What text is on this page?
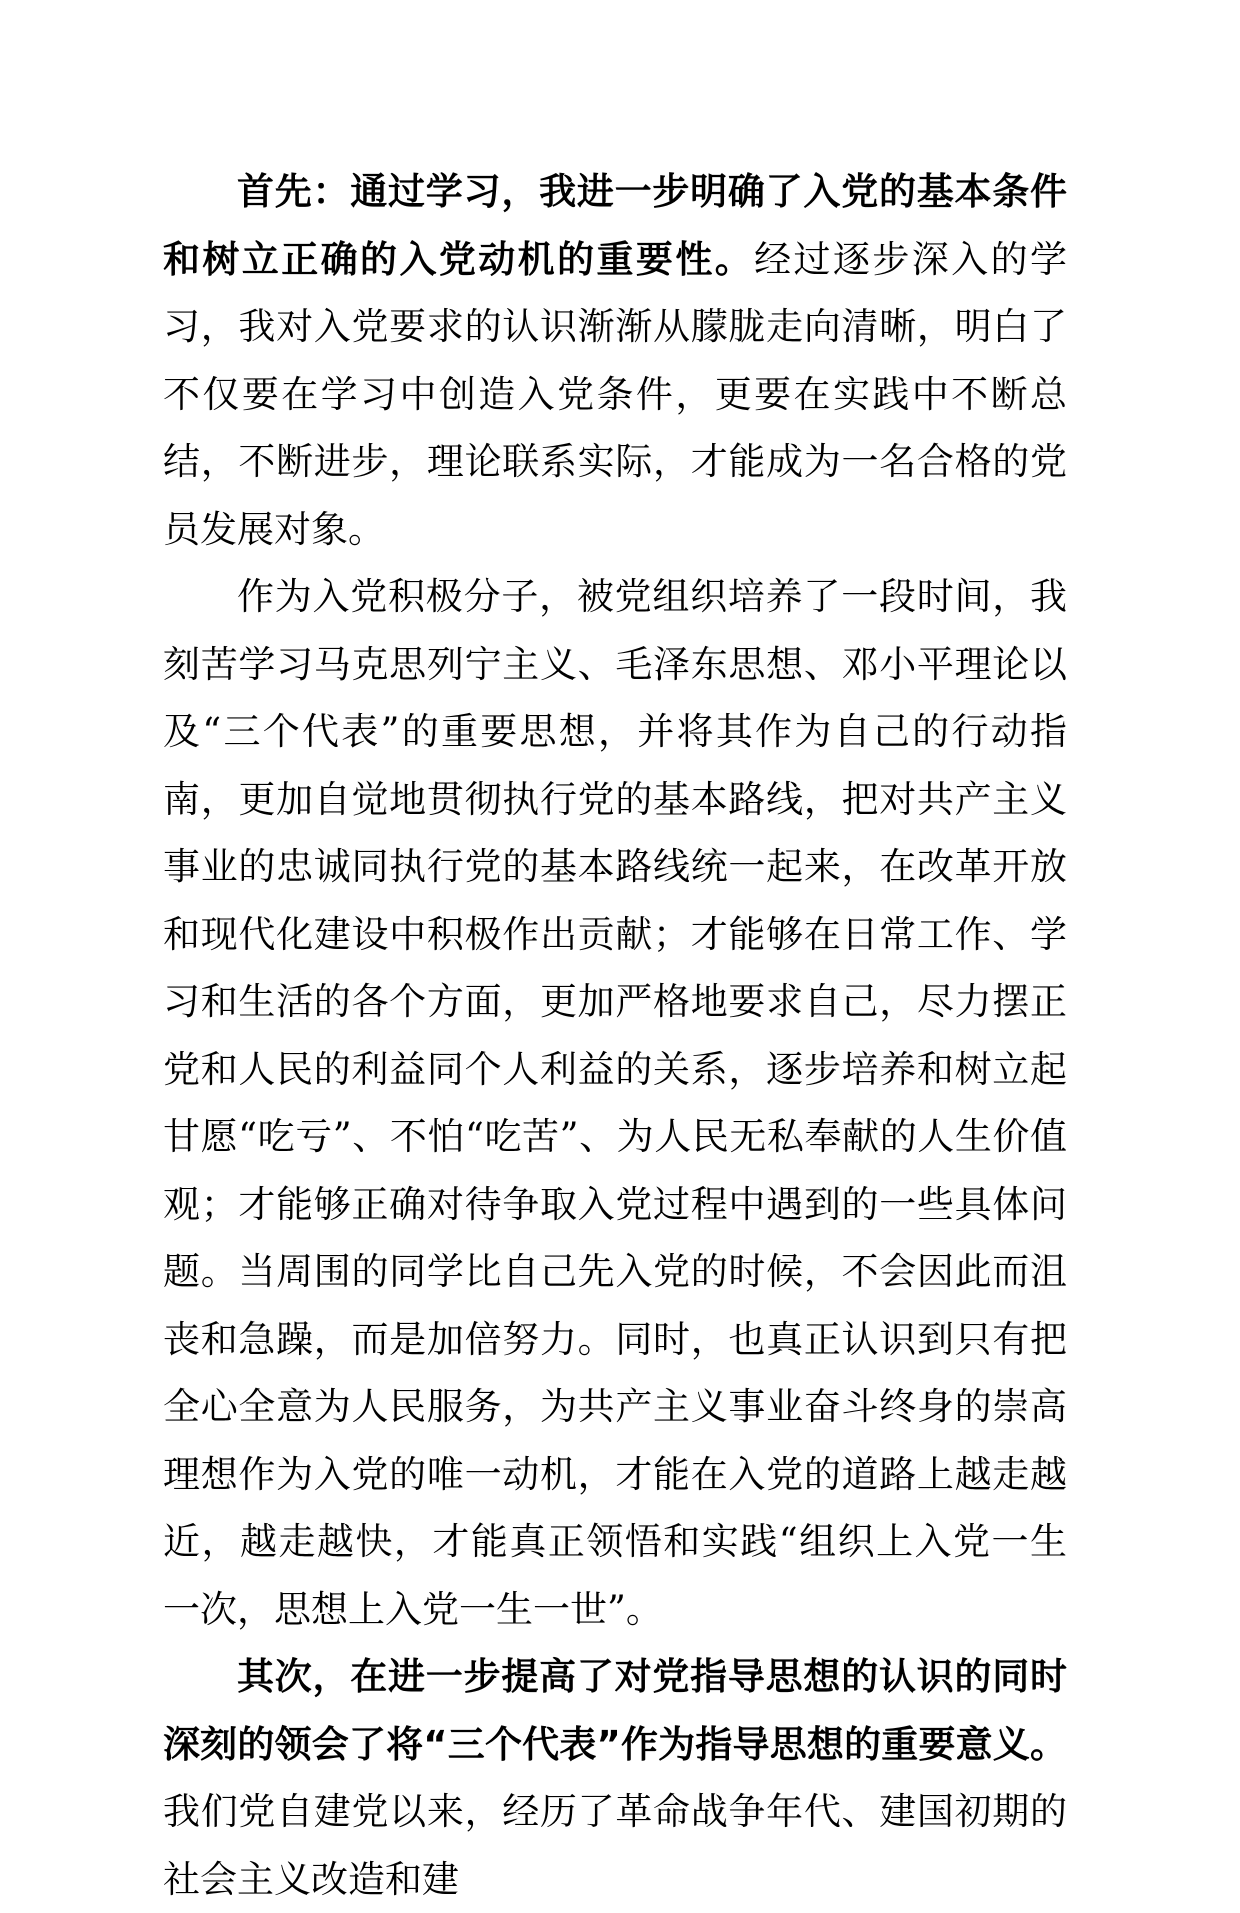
首先：通过学习，我进一步明确了入党的基本条件和树立正确的入党动机的重要性。经过逐步深入的学习，我对入党要求的认识渐渐从朦胧走向清晰，明白了不仅要在学习中创造入党条件，更要在实践中不断总结，不断进步，理论联系实际，才能成为一名合格的党员发展对象。

作为入党积极分子，被党组织培养了一段时间，我刻苦学习马克思列宁主义、毛泽东思想、邓小平理论以及“三个代表”的重要思想，并将其作为自己的行动指南，更加自觉地贯彻执行党的基本路线，把对共产主义事业的忠诚同执行党的基本路线统一起来，在改革开放和现代化建设中积极作出贡献；才能够在日常工作、学习和生活的各个方面，更加严格地要求自己，尽力摆正党和人民的利益同个人利益的关系，逐步培养和树立起甘愿“吃亏”、不怕“吃苦”、为人民无私奉献的人生价值观；才能够正确对待争取入党过程中遇到的一些具体问题。当周围的同学比自己先入党的时候，不会因此而沮丧和急躁，而是加倍努力。同时，也真正认识到只有把全心全意为人民服务，为共产主义事业奋斗终身的崇高理想作为入党的唯一动机，才能在入党的道路上越走越近，越走越快，才能真正领悟和实践“组织上入党一生一次，思想上入党一生一世”。

其次，在进一步提高了对党指导思想的认识的同时深刻的领会了将“三个代表”作为指导思想的重要意义。我们党自建党以来，经历了革命战争年代、建国初期的社会主义改造和建
